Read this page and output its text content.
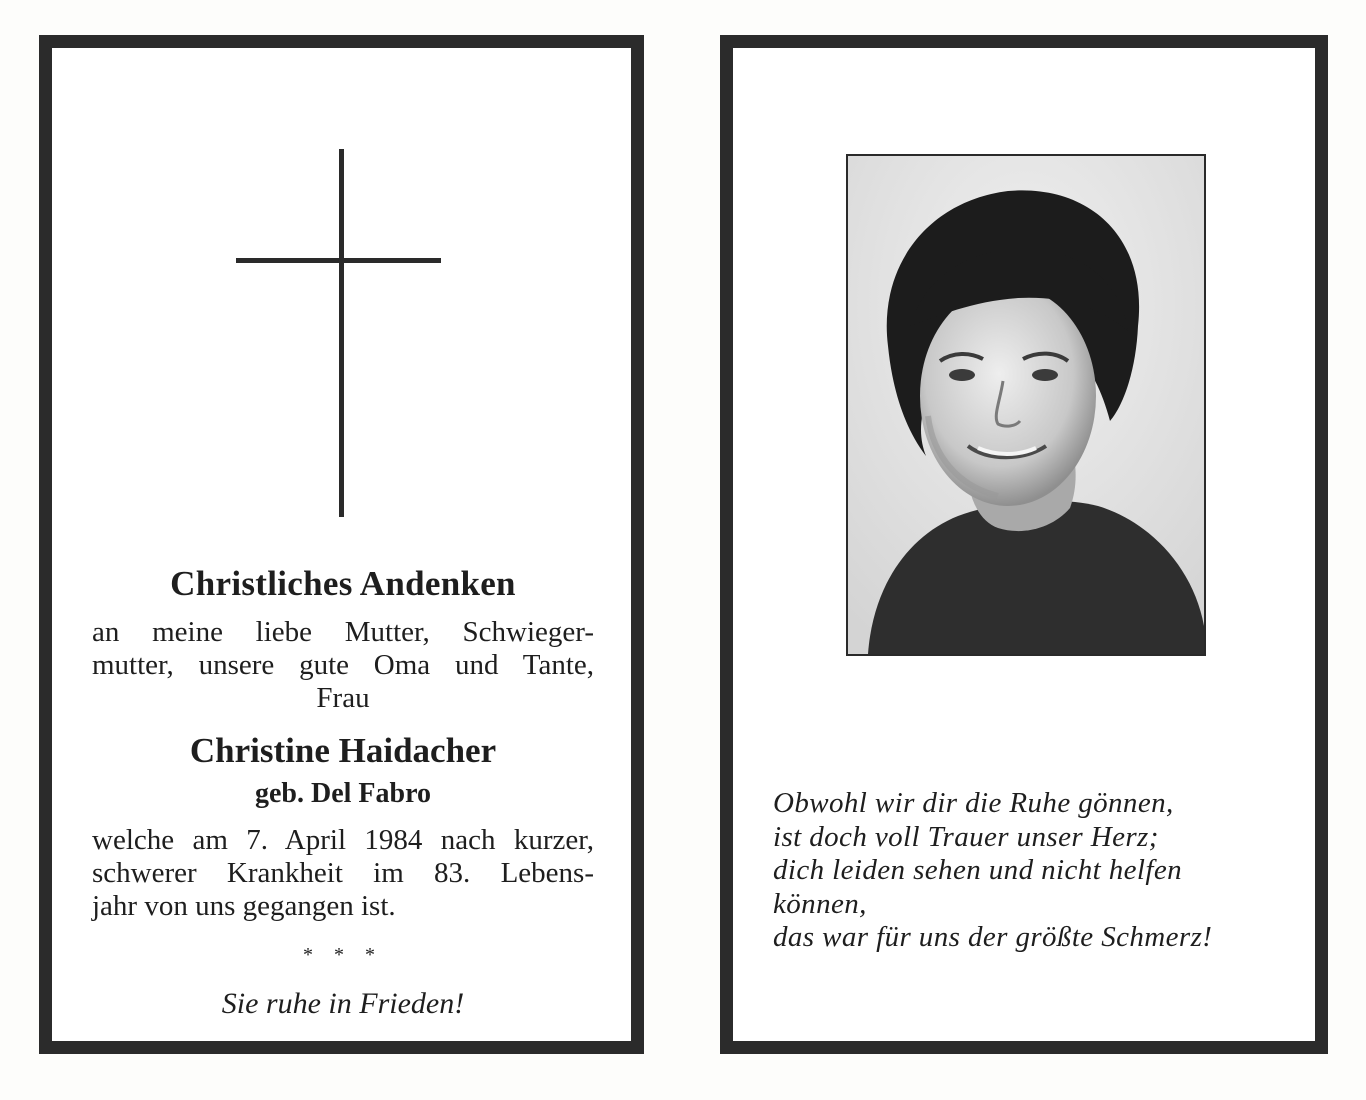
Christliches Andenken
an meine liebe Mutter, Schwieger-
mutter, unsere gute Oma und Tante,
Frau
Christine Haidacher
geb. Del Fabro
welche am 7. April 1984 nach kurzer,
schwerer Krankheit im 83. Lebens-
jahr von uns gegangen ist.
* * *
Sie ruhe in Frieden!
Obwohl wir dir die Ruhe gönnen,
ist doch voll Trauer unser Herz;
dich leiden sehen und nicht helfen
können,
das war für uns der größte Schmerz!
